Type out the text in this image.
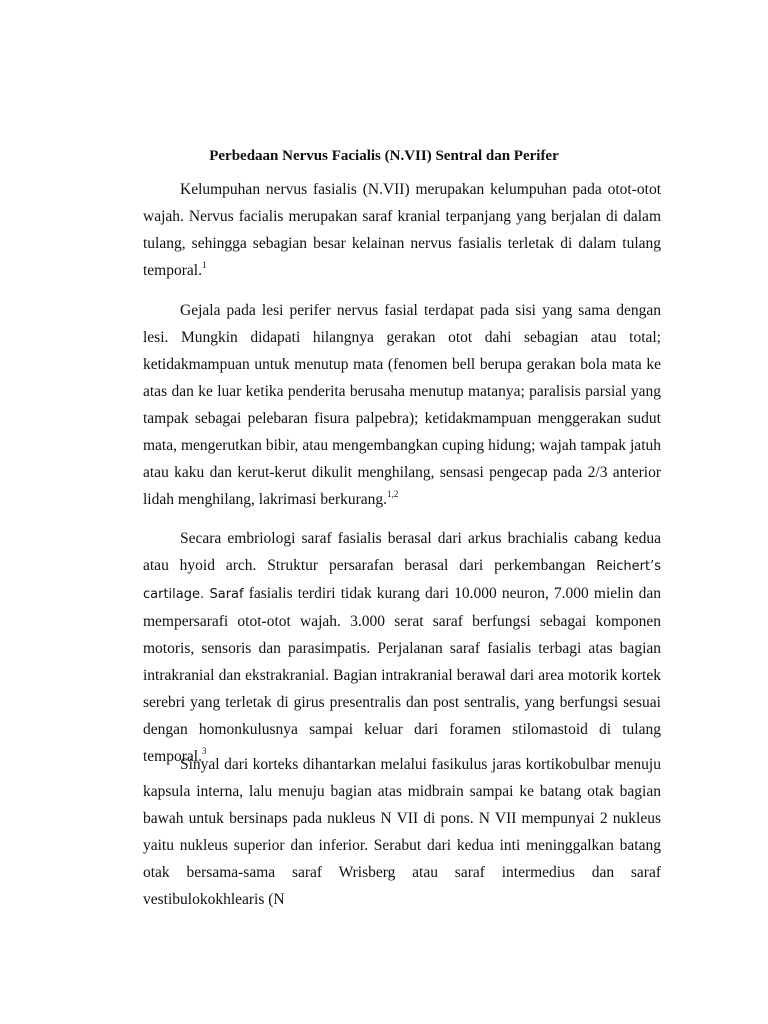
Perbedaan Nervus Facialis (N.VII) Sentral dan Perifer

Kelumpuhan nervus fasialis (N.VII) merupakan kelumpuhan pada otot-otot wajah. Nervus facialis merupakan saraf kranial terpanjang yang berjalan di dalam tulang, sehingga sebagian besar kelainan nervus fasialis terletak di dalam tulang temporal.$^1$

Gejala pada lesi perifer nervus fasial terdapat pada sisi yang sama dengan lesi. Mungkin didapati hilangnya gerakan otot dahi sebagian atau total; ketidakmampuan untuk menutup mata (fenomen bell berupa gerakan bola mata ke atas dan ke luar ketika penderita berusaha menutup matanya; paralisis parsial yang tampak sebagai pelebaran fisura palpebra); ketidakmampuan menggerakan sudut mata, mengerutkan bibir, atau mengembangkan cuping hidung; wajah tampak jatuh atau kaku dan kerut-kerut dikulit menghilang, sensasi pengecap pada 2/3 anterior lidah menghilang, lakrimasi berkurang.$^{1,2}$

Secara embriologi saraf fasialis berasal dari arkus brachialis cabang kedua atau hyoid arch. Struktur persarafan berasal dari perkembangan Reichert’s cartilage. Saraf fasialis terdiri tidak kurang dari 10.000 neuron, 7.000 mielin dan mempersarafi otot-otot wajah. 3.000 serat saraf berfungsi sebagai komponen motoris, sensoris dan parasimpatis. Perjalanan saraf fasialis terbagi atas bagian intrakranial dan ekstrakranial. Bagian intrakranial berawal dari area motorik kortek serebri yang terletak di girus presentralis dan post sentralis, yang berfungsi sesuai dengan homonkulusnya sampai keluar dari foramen stilomastoid di tulang temporal.$^3$

Sinyal dari korteks dihantarkan melalui fasikulus jaras kortikobulbar menuju kapsula interna, lalu menuju bagian atas midbrain sampai ke batang otak bagian bawah untuk bersinaps pada nukleus N VII di pons. N VII mempunyai 2 nukleus yaitu nukleus superior dan inferior. Serabut dari kedua inti meninggalkan batang otak bersama-sama saraf Wrisberg atau saraf intermedius dan saraf vestibulokokhlearis (N
